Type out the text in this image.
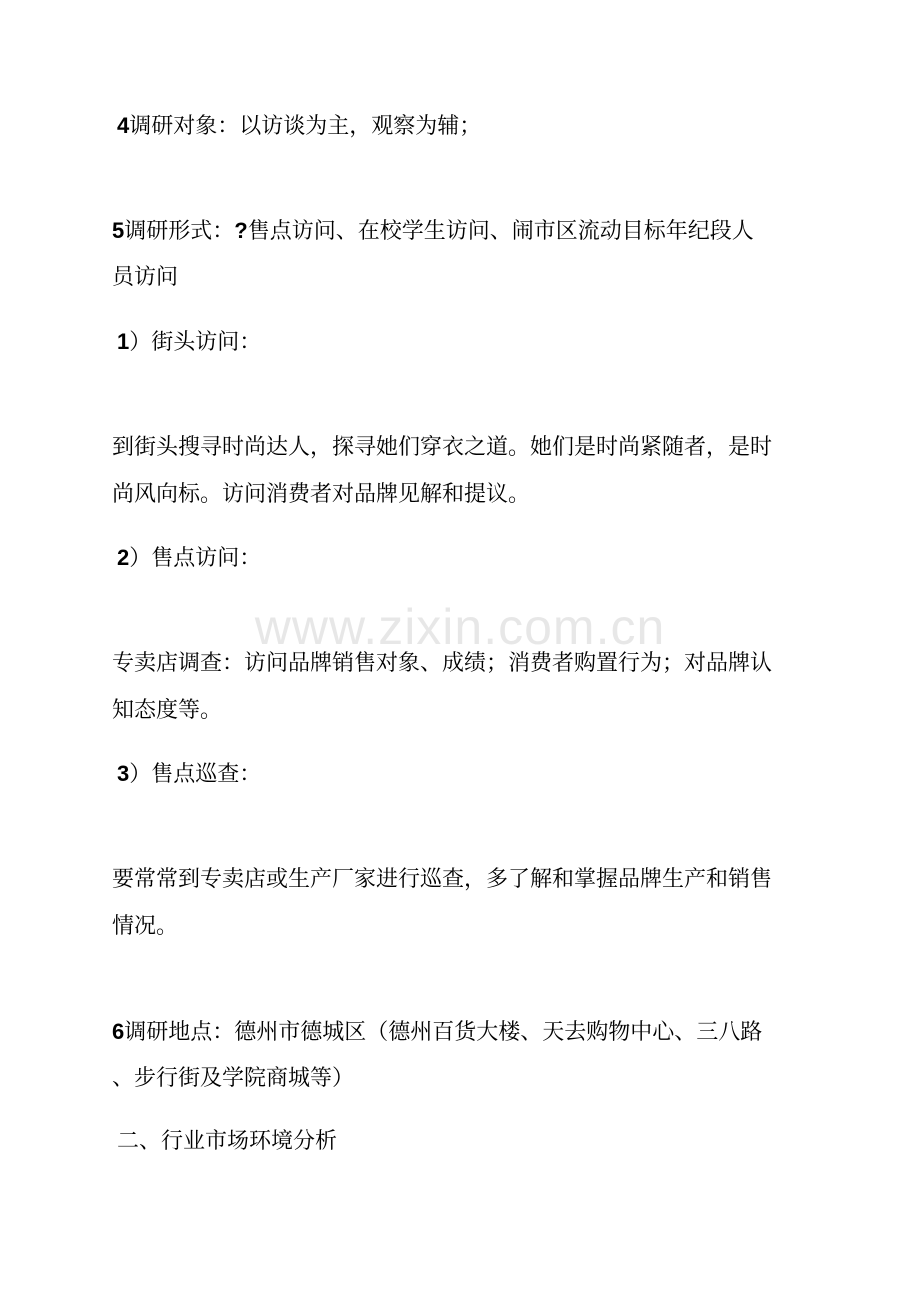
4调研对象：以访谈为主，观察为辅；
5调研形式：?售点访问、在校学生访问、闹市区流动目标年纪段人
员访问
1）街头访问：
到街头搜寻时尚达人，探寻她们穿衣之道。她们是时尚紧随者，是时
尚风向标。访问消费者对品牌见解和提议。
2）售点访问：
专卖店调查：访问品牌销售对象、成绩；消费者购置行为；对品牌认
知态度等。
3）售点巡查：
要常常到专卖店或生产厂家进行巡查，多了解和掌握品牌生产和销售
情况。
6调研地点：德州市德城区（德州百货大楼、天去购物中心、三八路
、步行街及学院商城等）
二、行业市场环境分析
www.zixin.com.cn
